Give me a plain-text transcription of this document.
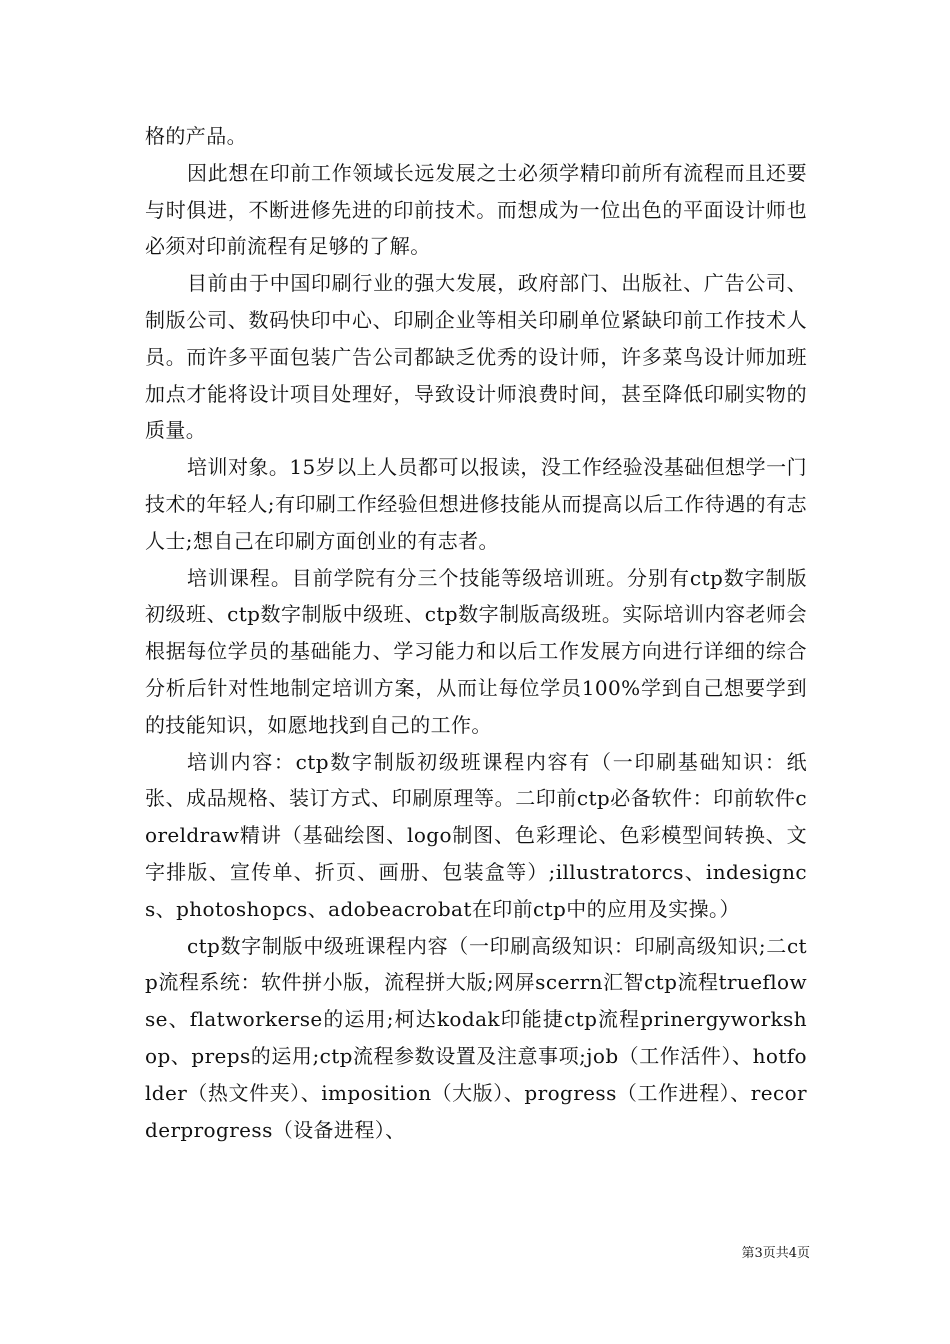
格的产品。

因此想在印前工作领域长远发展之士必须学精印前所有流程而且还要与时俱进，不断进修先进的印前技术。而想成为一位出色的平面设计师也必须对印前流程有足够的了解。

目前由于中国印刷行业的强大发展，政府部门、出版社、广告公司、制版公司、数码快印中心、印刷企业等相关印刷单位紧缺印前工作技术人员。而许多平面包装广告公司都缺乏优秀的设计师，许多菜鸟设计师加班加点才能将设计项目处理好，导致设计师浪费时间，甚至降低印刷实物的质量。

培训对象。15岁以上人员都可以报读，没工作经验没基础但想学一门技术的年轻人;有印刷工作经验但想进修技能从而提高以后工作待遇的有志人士;想自己在印刷方面创业的有志者。

培训课程。目前学院有分三个技能等级培训班。分别有ctp数字制版初级班、ctp数字制版中级班、ctp数字制版高级班。实际培训内容老师会根据每位学员的基础能力、学习能力和以后工作发展方向进行详细的综合分析后针对性地制定培训方案，从而让每位学员100%学到自己想要学到的技能知识，如愿地找到自己的工作。

培训内容：ctp数字制版初级班课程内容有（一印刷基础知识：纸张、成品规格、装订方式、印刷原理等。二印前ctp必备软件：印前软件coreldraw精讲（基础绘图、logo制图、色彩理论、色彩模型间转换、文字排版、宣传单、折页、画册、包装盒等）;illustratorcs、indesigncs、photoshopcs、adobeacrobat在印前ctp中的应用及实操。）

ctp数字制版中级班课程内容（一印刷高级知识：印刷高级知识;二ctp流程系统：软件拼小版，流程拼大版;网屏scerrn汇智ctp流程trueflowse、flatworkerse的运用;柯达kodak印能捷ctp流程prinergyworkshop、preps的运用;ctp流程参数设置及注意事项;job（工作活件）、hotfolder（热文件夹）、imposition（大版）、progress（工作进程）、recorderprogress（设备进程）、

第3页共4页
